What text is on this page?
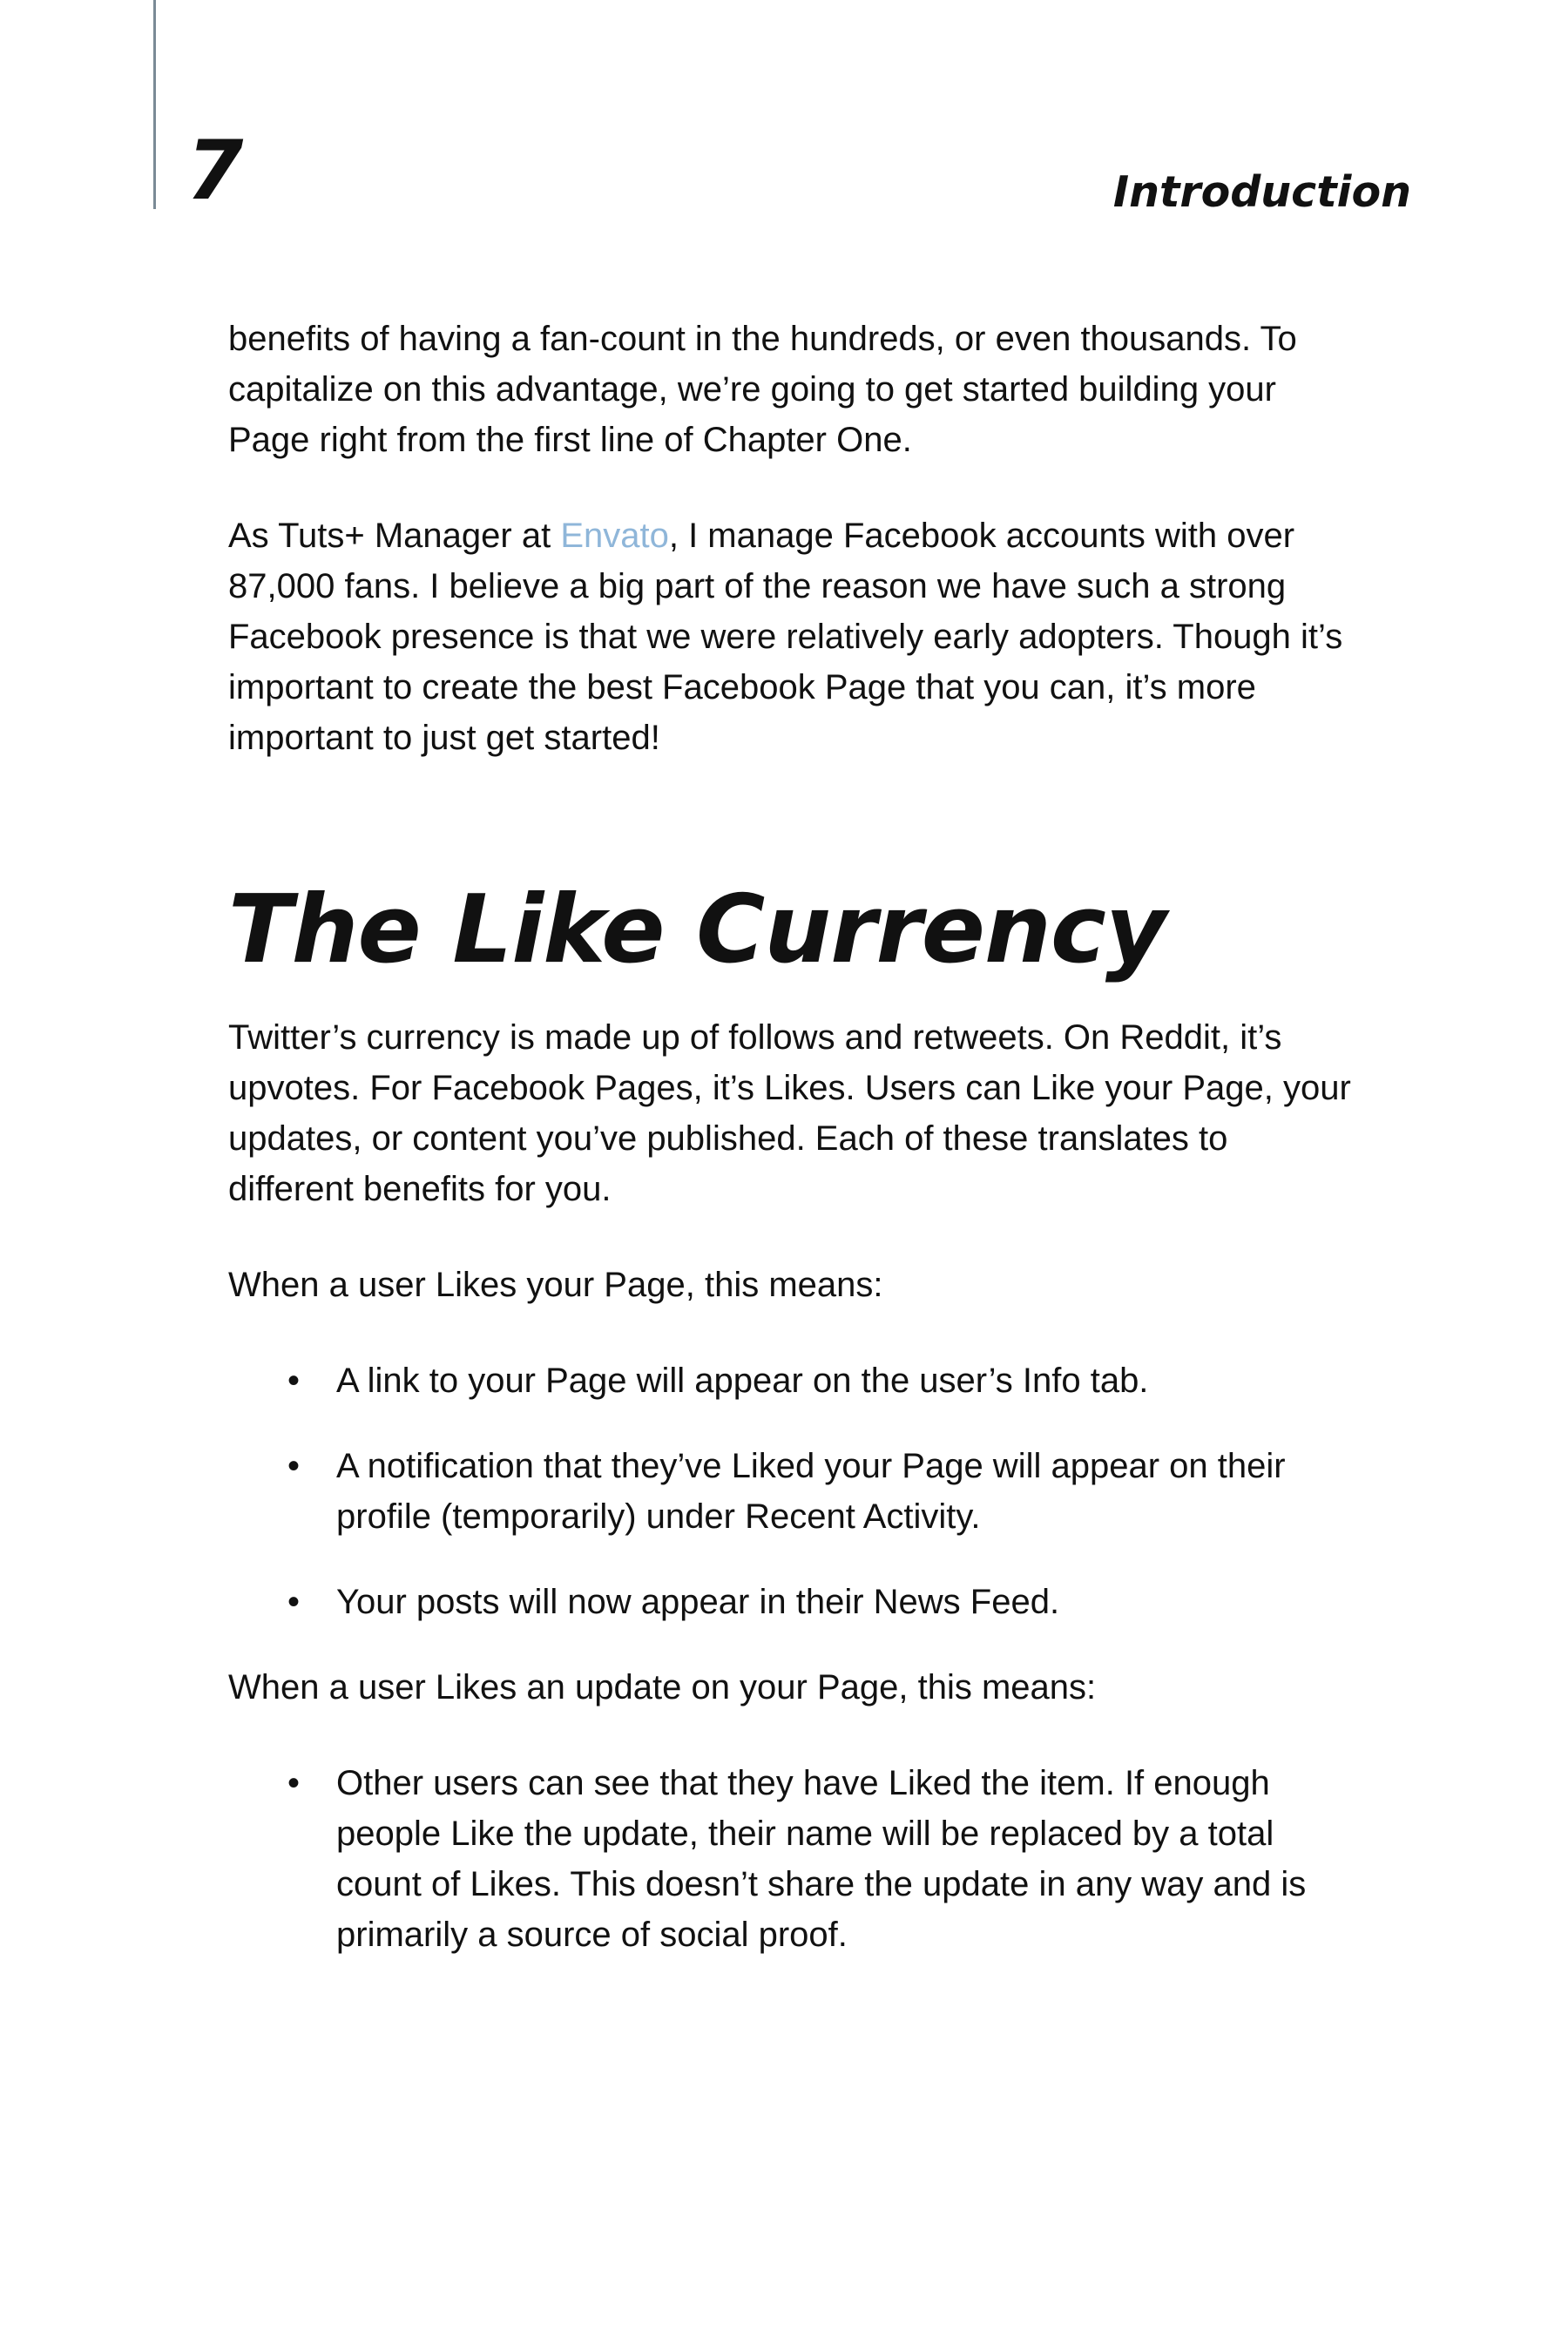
7	Introduction

benefits of having a fan-count in the hundreds, or even thousands. To capitalize on this advantage, we’re going to get started building your Page right from the first line of Chapter One.

As Tuts+ Manager at Envato, I manage Facebook accounts with over 87,000 fans. I believe a big part of the reason we have such a strong Facebook presence is that we were relatively early adopters. Though it’s important to create the best Facebook Page that you can, it’s more important to just get started!

The Like Currency

Twitter’s currency is made up of follows and retweets. On Reddit, it’s upvotes. For Facebook Pages, it’s Likes. Users can Like your Page, your updates, or content you’ve published. Each of these translates to different benefits for you.

When a user Likes your Page, this means:

• A link to your Page will appear on the user’s Info tab.
• A notification that they’ve Liked your Page will appear on their profile (temporarily) under Recent Activity.
• Your posts will now appear in their News Feed.

When a user Likes an update on your Page, this means:

• Other users can see that they have Liked the item. If enough people Like the update, their name will be replaced by a total count of Likes. This doesn’t share the update in any way and is primarily a source of social proof.
